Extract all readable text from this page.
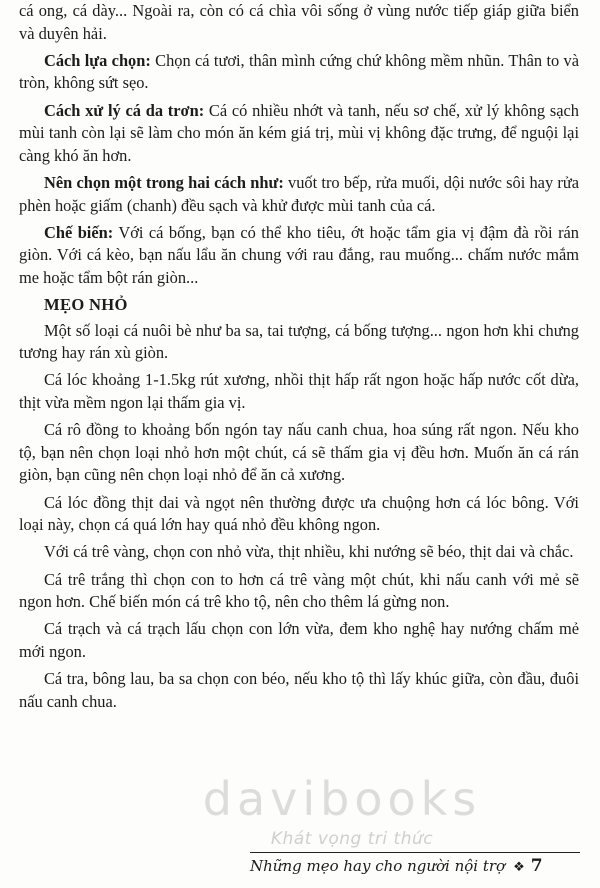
cá ong, cá dày... Ngoài ra, còn có cá chìa vôi sống ở vùng nước tiếp giáp giữa biển và duyên hải.

Cách lựa chọn: Chọn cá tươi, thân mình cứng chứ không mềm nhũn. Thân to và tròn, không sứt sẹo.

Cách xử lý cá da trơn: Cá có nhiều nhớt và tanh, nếu sơ chế, xử lý không sạch mùi tanh còn lại sẽ làm cho món ăn kém giá trị, mùi vị không đặc trưng, để nguội lại càng khó ăn hơn.

Nên chọn một trong hai cách như: vuốt tro bếp, rửa muối, dội nước sôi hay rửa phèn hoặc giấm (chanh) đều sạch và khử được mùi tanh của cá.

Chế biến: Với cá bống, bạn có thể kho tiêu, ớt hoặc tẩm gia vị đậm đà rồi rán giòn. Với cá kèo, bạn nấu lẩu ăn chung với rau đắng, rau muống... chấm nước mắm me hoặc tẩm bột rán giòn...

MẸO NHỎ

Một số loại cá nuôi bè như ba sa, tai tượng, cá bống tượng... ngon hơn khi chưng tương hay rán xù giòn.

Cá lóc khoảng 1-1.5kg rút xương, nhồi thịt hấp rất ngon hoặc hấp nước cốt dừa, thịt vừa mềm ngon lại thấm gia vị.

Cá rô đồng to khoảng bốn ngón tay nấu canh chua, hoa súng rất ngon. Nếu kho tộ, bạn nên chọn loại nhỏ hơn một chút, cá sẽ thấm gia vị đều hơn. Muốn ăn cá rán giòn, bạn cũng nên chọn loại nhỏ để ăn cả xương.

Cá lóc đồng thịt dai và ngọt nên thường được ưa chuộng hơn cá lóc bông. Với loại này, chọn cá quá lớn hay quá nhỏ đều không ngon.

Với cá trê vàng, chọn con nhỏ vừa, thịt nhiều, khi nướng sẽ béo, thịt dai và chắc.

Cá trê trắng thì chọn con to hơn cá trê vàng một chút, khi nấu canh với mẻ sẽ ngon hơn. Chế biến món cá trê kho tộ, nên cho thêm lá gừng non.

Cá trạch và cá trạch lấu chọn con lớn vừa, đem kho nghệ hay nướng chấm mẻ mới ngon.

Cá tra, bông lau, ba sa chọn con béo, nếu kho tộ thì lấy khúc giữa, còn đầu, đuôi nấu canh chua.

davibooks
Khát vọng tri thức
Những mẹo hay cho người nội trợ ❖ 7
